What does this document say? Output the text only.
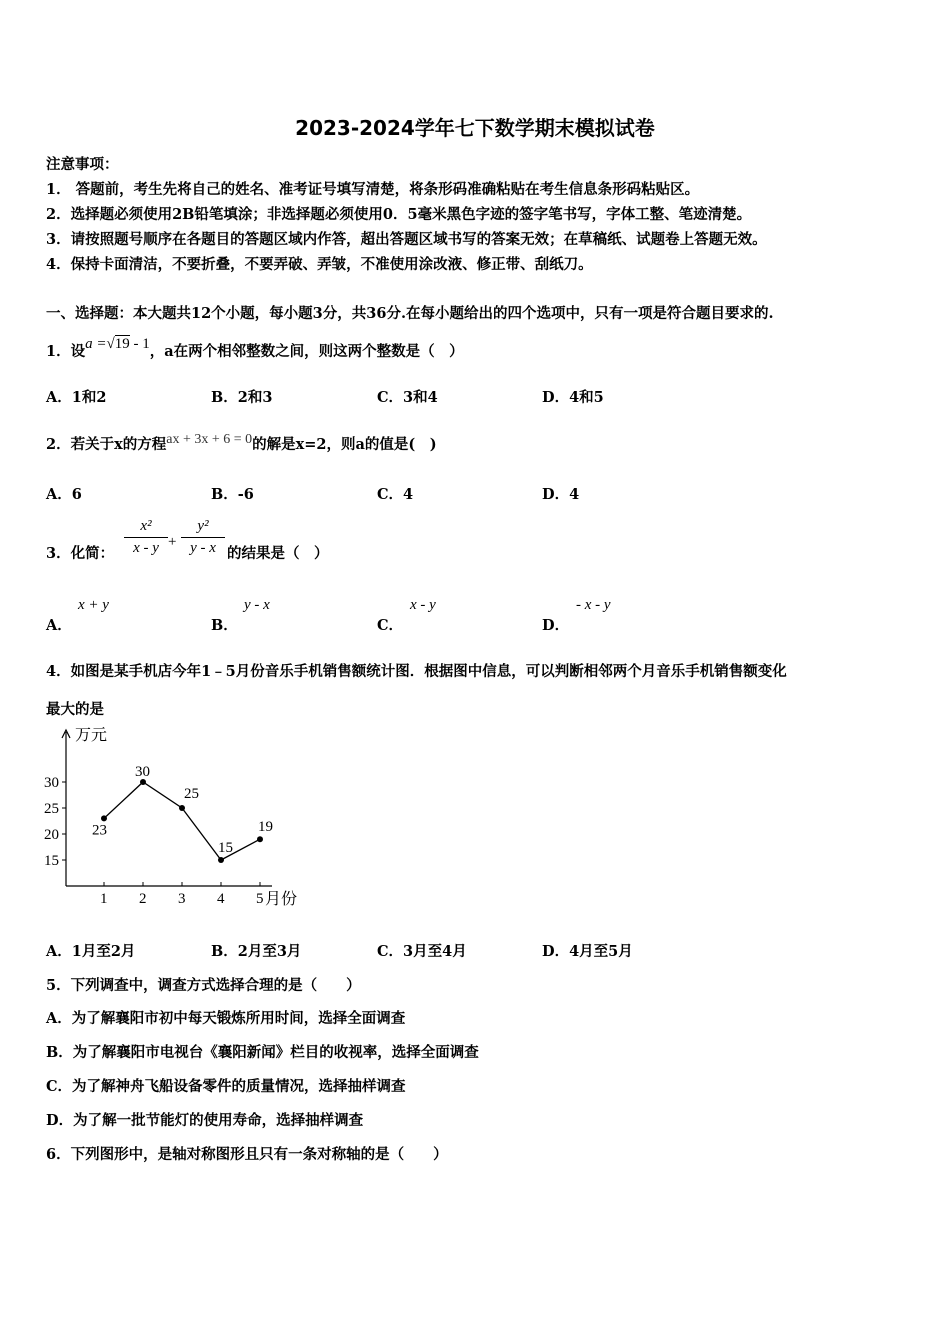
2023-2024学年七下数学期末模拟试卷
注意事项：
1． 答题前，考生先将自己的姓名、准考证号填写清楚，将条形码准确粘贴在考生信息条形码粘贴区。
2．选择题必须使用2B铅笔填涂；非选择题必须使用0．5毫米黑色字迹的签字笔书写，字体工整、笔迹清楚。
3．请按照题号顺序在各题目的答题区域内作答，超出答题区域书写的答案无效；在草稿纸、试题卷上答题无效。
4．保持卡面清洁，不要折叠，不要弄破、弄皱，不准使用涂改液、修正带、刮纸刀。
一、选择题：本大题共12个小题，每小题3分，共36分.在每小题给出的四个选项中，只有一项是符合题目要求的.
1．设a =√19 - 1，a在两个相邻整数之间，则这两个整数是（　）
A．1和2	B．2和3	C．3和4	D．4和5
2．若关于x的方程ax + 3x + 6 = 0的解是x=2，则a的值是(　)
A．6	B．-6	C．4	D．4
3．化简：
x²
x - y +
y²
y - x 的结果是（　）
A．
x + y
B．
y - x
C．
x - y
D．
- x - y
4．如图是某手机店今年1﹣5月份音乐手机销售额统计图．根据图中信息，可以判断相邻两个月音乐手机销售额变化
最大的是
万元
15
20
25
30
1 2 3 4 5 月份
23
30
25
15
19
A．1月至2月	B．2月至3月	C．3月至4月	D．4月至5月
5．下列调查中，调查方式选择合理的是（　　）
A．为了解襄阳市初中每天锻炼所用时间，选择全面调查
B．为了解襄阳市电视台《襄阳新闻》栏目的收视率，选择全面调查
C．为了解神舟飞船设备零件的质量情况，选择抽样调查
D．为了解一批节能灯的使用寿命，选择抽样调查
6．下列图形中，是轴对称图形且只有一条对称轴的是（　　）
